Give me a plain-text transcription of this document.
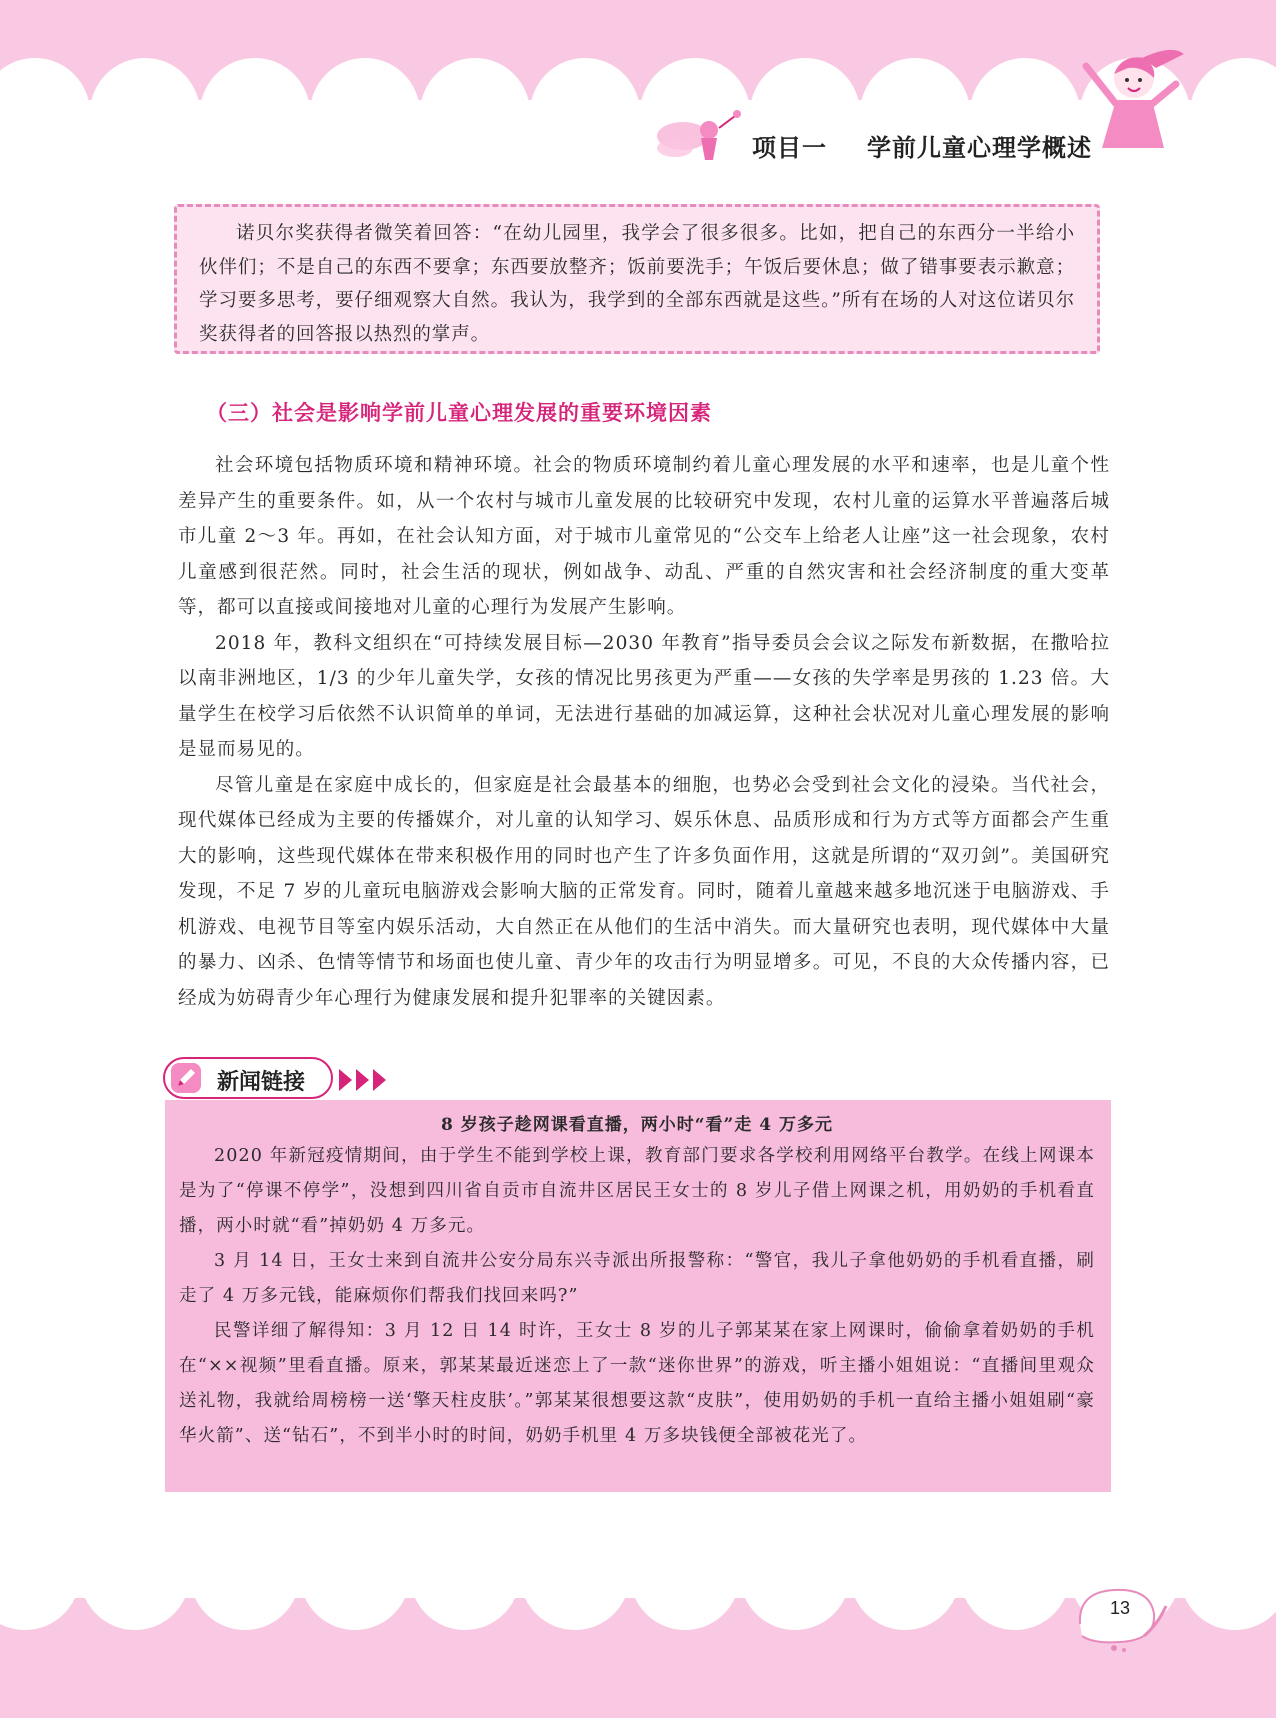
项目一 学前儿童心理学概述

诺贝尔奖获得者微笑着回答：“在幼儿园里，我学会了很多很多。比如，把自己的东西分一半给小伙伴们；不是自己的东西不要拿；东西要放整齐；饭前要洗手；午饭后要休息；做了错事要表示歉意；学习要多思考，要仔细观察大自然。我认为，我学到的全部东西就是这些。”所有在场的人对这位诺贝尔奖获得者的回答报以热烈的掌声。

（三）社会是影响学前儿童心理发展的重要环境因素

社会环境包括物质环境和精神环境。社会的物质环境制约着儿童心理发展的水平和速率，也是儿童个性差异产生的重要条件。如，从一个农村与城市儿童发展的比较研究中发现，农村儿童的运算水平普遍落后城市儿童 2～3 年。再如，在社会认知方面，对于城市儿童常见的“公交车上给老人让座”这一社会现象，农村儿童感到很茫然。同时，社会生活的现状，例如战争、动乱、严重的自然灾害和社会经济制度的重大变革等，都可以直接或间接地对儿童的心理行为发展产生影响。

2018 年，教科文组织在“可持续发展目标—2030 年教育”指导委员会会议之际发布新数据，在撒哈拉以南非洲地区，1/3 的少年儿童失学，女孩的情况比男孩更为严重——女孩的失学率是男孩的 1.23 倍。大量学生在校学习后依然不认识简单的单词，无法进行基础的加减运算，这种社会状况对儿童心理发展的影响是显而易见的。

尽管儿童是在家庭中成长的，但家庭是社会最基本的细胞，也势必会受到社会文化的浸染。当代社会，现代媒体已经成为主要的传播媒介，对儿童的认知学习、娱乐休息、品质形成和行为方式等方面都会产生重大的影响，这些现代媒体在带来积极作用的同时也产生了许多负面作用，这就是所谓的“双刃剑”。美国研究发现，不足 7 岁的儿童玩电脑游戏会影响大脑的正常发育。同时，随着儿童越来越多地沉迷于电脑游戏、手机游戏、电视节目等室内娱乐活动，大自然正在从他们的生活中消失。而大量研究也表明，现代媒体中大量的暴力、凶杀、色情等情节和场面也使儿童、青少年的攻击行为明显增多。可见，不良的大众传播内容，已经成为妨碍青少年心理行为健康发展和提升犯罪率的关键因素。

新闻链接
8 岁孩子趁网课看直播，两小时“看”走 4 万多元

2020 年新冠疫情期间，由于学生不能到学校上课，教育部门要求各学校利用网络平台教学。在线上网课本是为了“停课不停学”，没想到四川省自贡市自流井区居民王女士的 8 岁儿子借上网课之机，用奶奶的手机看直播，两小时就“看”掉奶奶 4 万多元。

3 月 14 日，王女士来到自流井公安分局东兴寺派出所报警称：“警官，我儿子拿他奶奶的手机看直播，刷走了 4 万多元钱，能麻烦你们帮我们找回来吗?”

民警详细了解得知：3 月 12 日 14 时许，王女士 8 岁的儿子郭某某在家上网课时，偷偷拿着奶奶的手机在“××视频”里看直播。原来，郭某某最近迷恋上了一款“迷你世界”的游戏，听主播小姐姐说：“直播间里观众送礼物，我就给周榜榜一送‘擎天柱皮肤’。”郭某某很想要这款“皮肤”，使用奶奶的手机一直给主播小姐姐刷“豪华火箭”、送“钻石”，不到半小时的时间，奶奶手机里 4 万多块钱便全部被花光了。

13
